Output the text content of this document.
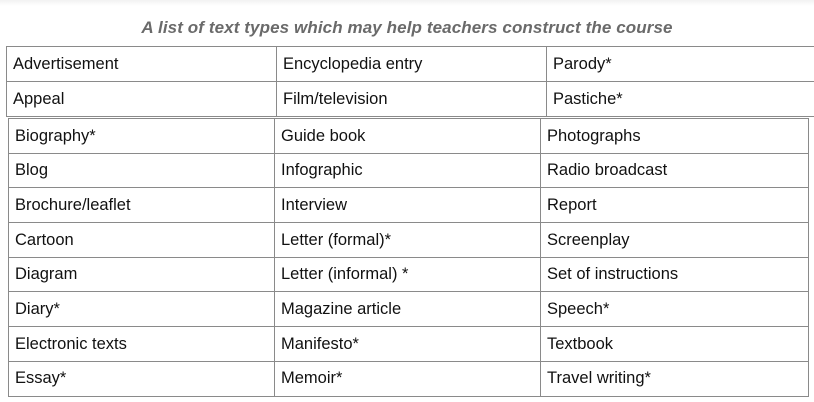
A list of text types which may help teachers construct the course
Advertisement	Encyclopedia entry	Parody*
Appeal	Film/television	Pastiche*
Biography*	Guide book	Photographs
Blog	Infographic	Radio broadcast
Brochure/leaflet	Interview	Report
Cartoon	Letter (formal)*	Screenplay
Diagram	Letter (informal) *	Set of instructions
Diary*	Magazine article	Speech*
Electronic texts	Manifesto*	Textbook
Essay*	Memoir*	Travel writing*
